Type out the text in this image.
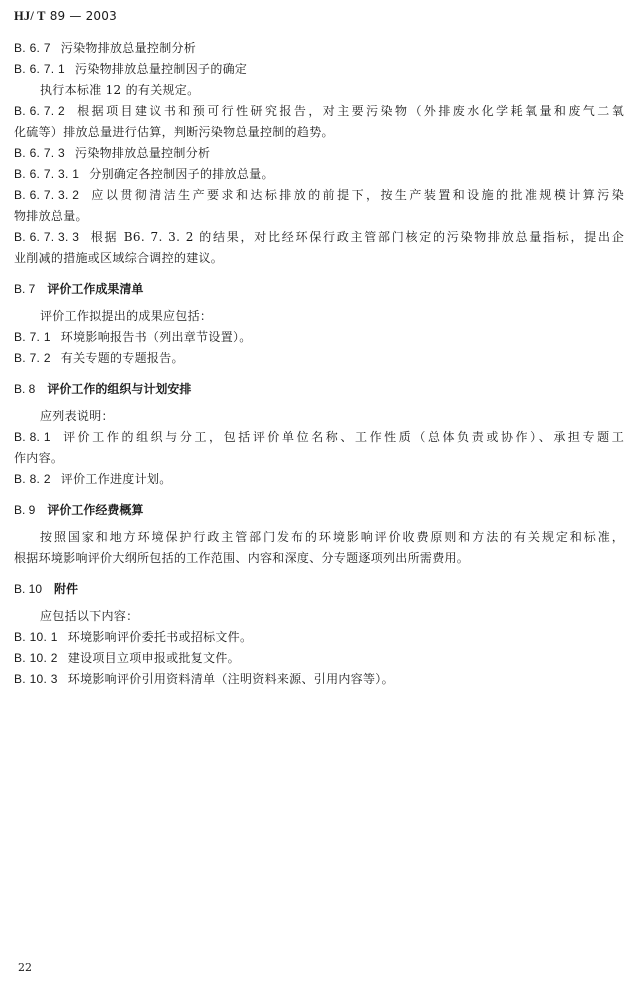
HJ/ T 89 — 2003
B. 6. 7 污染物排放总量控制分析
B. 6. 7. 1 污染物排放总量控制因子的确定
执行本标准 12 的有关规定。
B. 6. 7. 2 根据项目建议书和预可行性研究报告，对主要污染物（外排废水化学耗氧量和废气二氧
化硫等）排放总量进行估算，判断污染物总量控制的趋势。
B. 6. 7. 3 污染物排放总量控制分析
B. 6. 7. 3. 1 分别确定各控制因子的排放总量。
B. 6. 7. 3. 2 应以贯彻清洁生产要求和达标排放的前提下，按生产装置和设施的批准规模计算污染
物排放总量。
B. 6. 7. 3. 3 根据 B6. 7. 3. 2 的结果，对比经环保行政主管部门核定的污染物排放总量指标，提出企
业削减的措施或区域综合调控的建议。
B. 7 评价工作成果清单
评价工作拟提出的成果应包括：
B. 7. 1 环境影响报告书（列出章节设置）。
B. 7. 2 有关专题的专题报告。
B. 8 评价工作的组织与计划安排
应列表说明：
B. 8. 1 评价工作的组织与分工，包括评价单位名称、工作性质（总体负责或协作）、承担专题工
作内容。
B. 8. 2 评价工作进度计划。
B. 9 评价工作经费概算
按照国家和地方环境保护行政主管部门发布的环境影响评价收费原则和方法的有关规定和标准，
根据环境影响评价大纲所包括的工作范围、内容和深度、分专题逐项列出所需费用。
B. 10 附件
应包括以下内容：
B. 10. 1 环境影响评价委托书或招标文件。
B. 10. 2 建设项目立项申报或批复文件。
B. 10. 3 环境影响评价引用资料清单（注明资料来源、引用内容等）。
22
